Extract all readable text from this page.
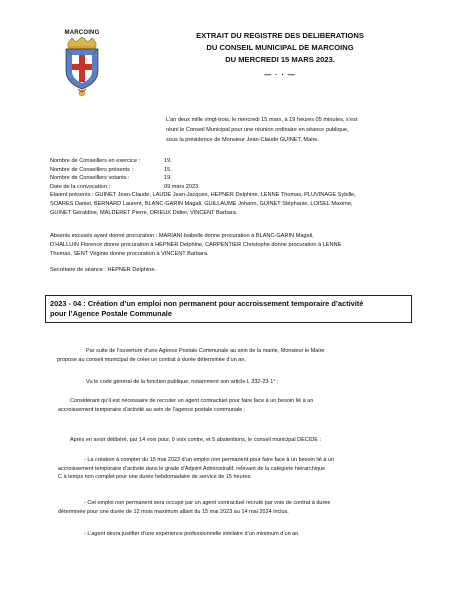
MARCOING	EXTRAIT DU REGISTRE DES DELIBERATIONS
DU CONSEIL MUNICIPAL DE MARCOING
DU MERCREDI 15 MARS 2023.
— · · —
L’an deux mille vingt-trois, le mercredi 15 mars, à 19 heures 05 minutes, s’est
réuni le Conseil Municipal pour une réunion ordinaire en séance publique,
sous la présidence de Monsieur Jean-Claude GUINET, Maire.
Nombre de Conseillers en exercice :	19.
Nombre de Conseillers présents :	15.
Nombre de Conseillers votants :	19.
Date de la convocation :	09 mars 2023.
Etaient présents : GUINET Jean-Claude, LAUDE Jean-Jacques, HEPNER Delphine, LENNE Thomas, PLUVINAGE Sybille,
SOARES Daniel, BERNARD Laurent, BLANC-GARIN Magali, GUILLAUME Johann, GUINET Stéphanie, LOISEL Maxime,
GUINET Géraldine, MALDERET Pierre, DRIEUX Didier, VINCENT Barbara.
Absents excusés ayant donné procuration : MARIANI Isabelle donne procuration à BLANC-GARIN Magali,
D’HALLUIN Florence donne procuration à HEPNER Delphine, CARPENTIER Christophe donne procuration à LENNE
Thomas, SENT Virginie donne procuration à VINCENT Barbara.
Secrétaire de séance : HEPNER Delphine.
2023 - 04 : Création d’un emploi non permanent pour accroissement temporaire d’activité
pour l’Agence Postale Communale
Par suite de l’ouverture d’une Agence Postale Communale au sein de la mairie, Monsieur le Maire
propose au conseil municipal de créer un contrat à durée déterminée d’un an,
Vu le code général de la fonction publique, notamment son article L 332-23-1° ;
Considérant qu’il est nécessaire de recruter un agent contractuel pour faire face à un besoin lié à un
accroissement temporaire d’activité au sein de l’agence postale communale ;
Après en avoir délibéré, par 14 voix pour, 0 voix contre, et 5 abstentions, le conseil municipal DECIDE :
- La création à compter du 15 mai 2023 d’un emploi non permanent pour faire face à un besoin lié à un
accroissement temporaire d’activité dans le grade d’Adjoint Administratif, relevant de la catégorie hiérarchique
C à temps non complet pour une durée hebdomadaire de service de 15 heures.
- Cet emploi non permanent sera occupé par un agent contractuel recruté par voie de contrat à durée
déterminée pour une durée de 12 mois maximum allant du 15 mai 2023 au 14 mai 2024 inclus.
- L’agent devra justifier d’une expérience professionnelle similaire d’un minimum d’un an.
